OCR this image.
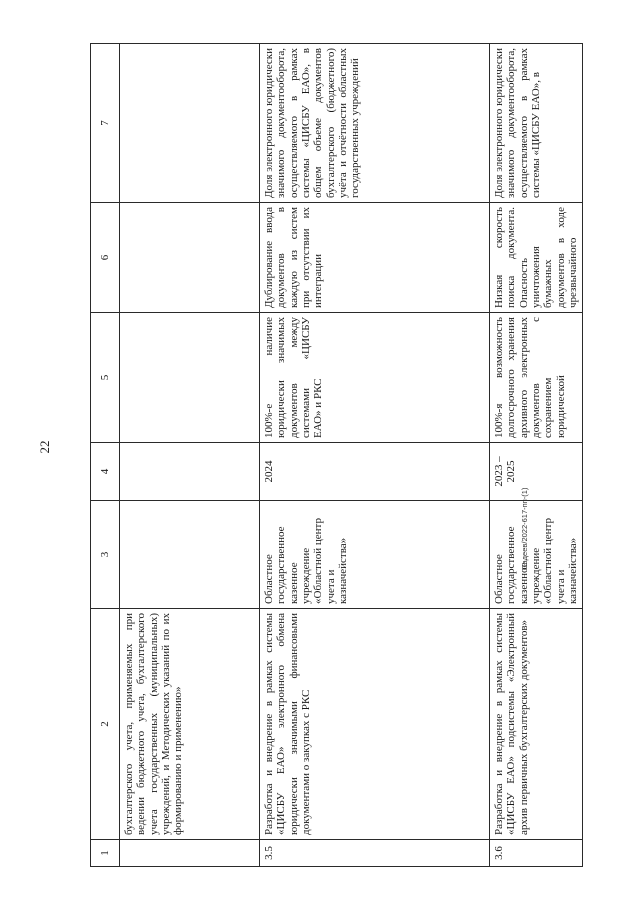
22
Садеев/2022-617-пп-(1)
1	2	3	4	5	6	7
	бухгалтерского учета, применяемых при ведении бюджетного учета, бухгалтерского учета государственных (муниципальных) учреждений, и Методических указаний по их формированию и применению»					
3.5	Разработка и внедрение в рамках системы «ЦИСБУ ЕАО» электронного обмена юридически значимыми финансовыми документами о закупках с РКС	Областное государственное казенное учреждение «Областной центр учета и казначейства»	2024	100%-е наличие юридически значимых документов между системами «ЦИСБУ ЕАО» и РКС	Дублирование ввода документов в каждую из систем при отсутствии их интеграции	Доля электронного юридически значимого документооборота, осуществляемого в рамках системы «ЦИСБУ ЕАО», в общем объеме документов бухгалтерского (бюджетного) учёта и отчётности областных государственных учреждений
3.6	Разработка и внедрение в рамках системы «ЦИСБУ ЕАО» подсистемы «Электронный архив первичных бухгалтерских документов»	Областное государственное казенное учреждение «Областной центр учета и казначейства»	2023 – 2025	100%-я возможность долгосрочного хранения архивного электронных документов с сохранением юридической	Низкая скорость поиска документа. Опасность уничтожения бумажных документов в ходе чрезвычайного	Доля электронного юридически значимого документооборота, осуществляемого в рамках системы «ЦИСБУ ЕАО», в
